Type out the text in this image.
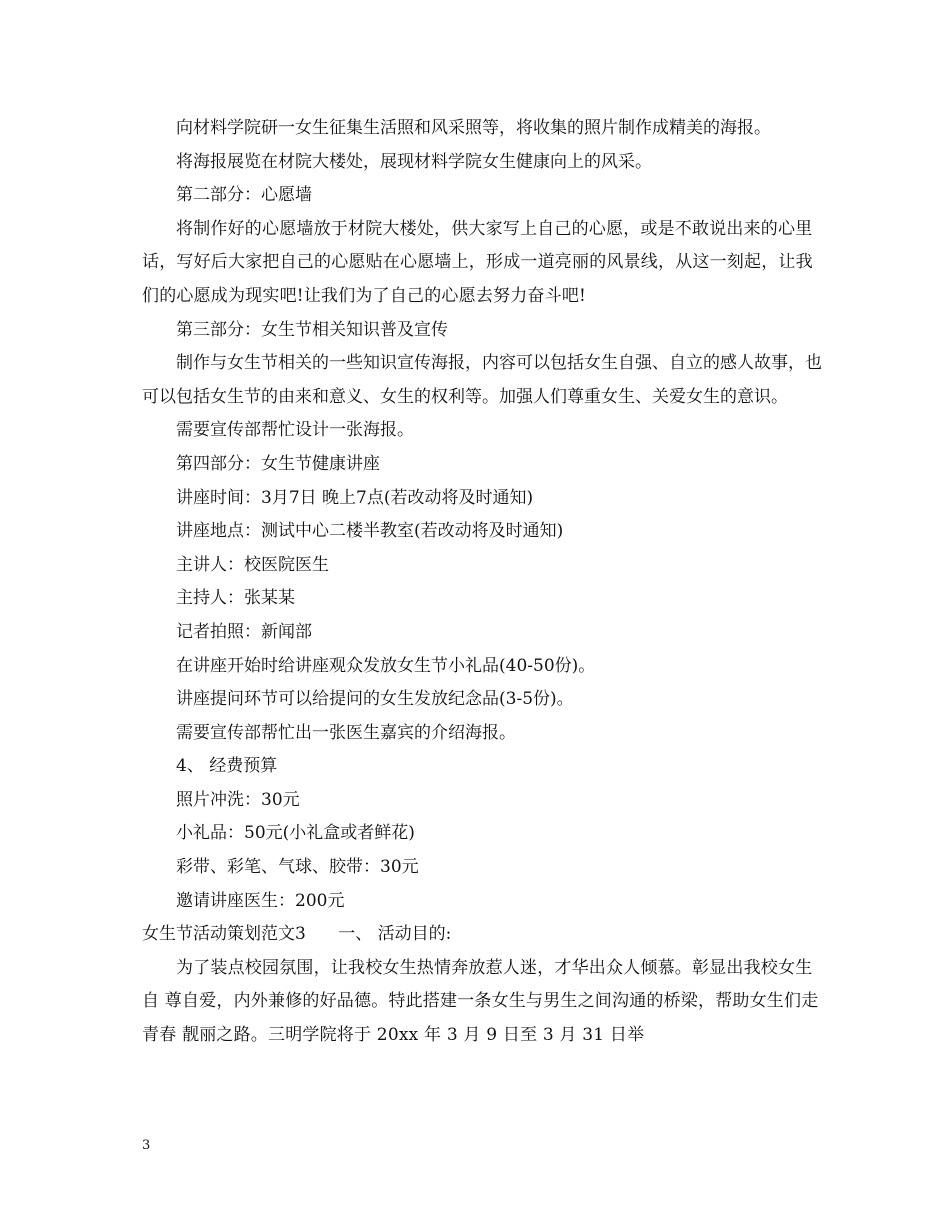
向材料学院研一女生征集生活照和风采照等，将收集的照片制作成精美的海报。

将海报展览在材院大楼处，展现材料学院女生健康向上的风采。

第二部分：心愿墙

将制作好的心愿墙放于材院大楼处，供大家写上自己的心愿，或是不敢说出来的心里话，写好后大家把自己的心愿贴在心愿墙上，形成一道亮丽的风景线，从这一刻起，让我们的心愿成为现实吧!让我们为了自己的心愿去努力奋斗吧!

第三部分：女生节相关知识普及宣传

制作与女生节相关的一些知识宣传海报，内容可以包括女生自强、自立的感人故事，也可以包括女生节的由来和意义、女生的权利等。加强人们尊重女生、关爱女生的意识。

需要宣传部帮忙设计一张海报。

第四部分：女生节健康讲座

讲座时间：3月7日 晚上7点(若改动将及时通知)

讲座地点：测试中心二楼半教室(若改动将及时通知)

主讲人：校医院医生

主持人：张某某

记者拍照：新闻部

在讲座开始时给讲座观众发放女生节小礼品(40-50份)。

讲座提问环节可以给提问的女生发放纪念品(3-5份)。

需要宣传部帮忙出一张医生嘉宾的介绍海报。

4、 经费预算

照片冲洗：30元

小礼品：50元(小礼盒或者鲜花)

彩带、彩笔、气球、胶带：30元

邀请讲座医生：200元

女生节活动策划范文3      一、 活动目的:

为了装点校园氛围，让我校女生热情奔放惹人迷，才华出众人倾慕。彰显出我校女生自 尊自爱，内外兼修的好品德。特此搭建一条女生与男生之间沟通的桥梁，帮助女生们走青春 靓丽之路。三明学院将于 20xx 年 3 月 9 日至 3 月 31 日举

3
